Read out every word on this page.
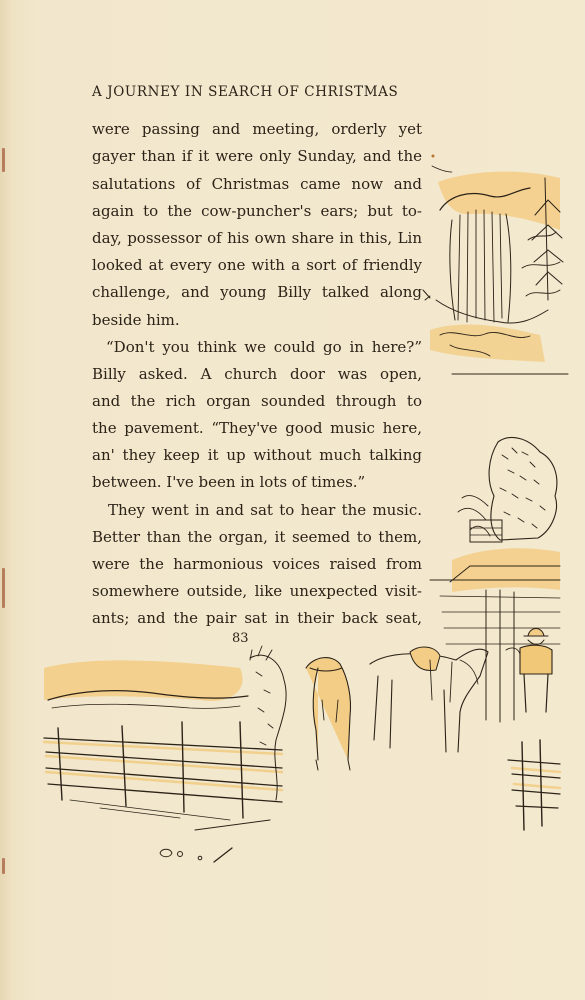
A JOURNEY IN SEARCH OF CHRISTMAS
were passing and meeting, orderly yet
gayer than if it were only Sunday, and the
salutations of Christmas came now and
again to the cow-puncher's ears; but to-
day, possessor of his own share in this, Lin
looked at every one with a sort of friendly
challenge, and young Billy talked along
beside him.
“Don't you think we could go in here?”
Billy asked. A church door was open,
and the rich organ sounded through to
the pavement. “They've good music here,
an' they keep it up without much talking
between. I've been in lots of times.”
They went in and sat to hear the music.
Better than the organ, it seemed to them,
were the harmonious voices raised from
somewhere outside, like unexpected visit-
ants; and the pair sat in their back seat,
83
